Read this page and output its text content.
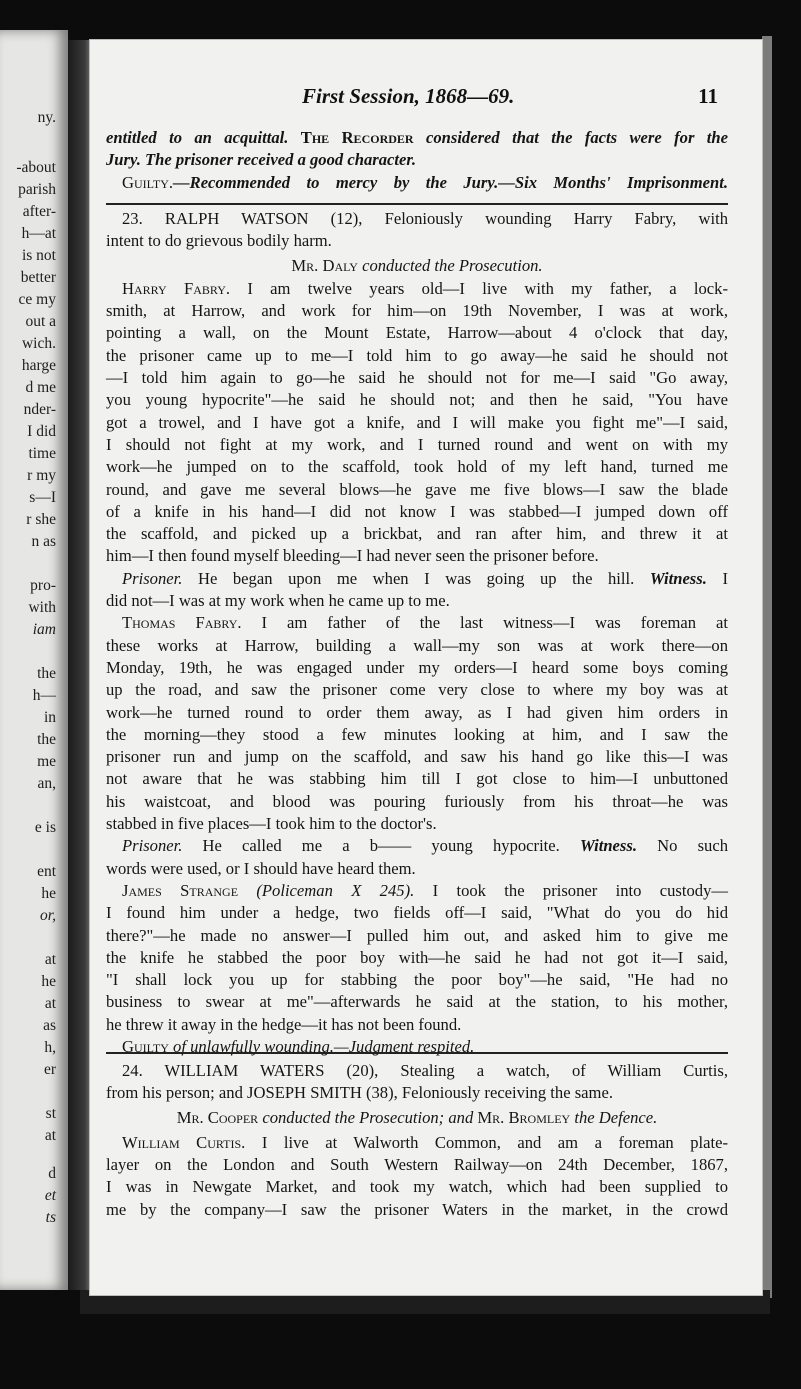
ny.
-about
parish
after-
h—at
is not
better
ce my
out a
wich.
harge
d me
nder-
I did
time
r my
s—I
r she
n as
pro-
with
iam
the
h—
in
the
me
an,
e is
ent
he
or,
at
he
at
as
h,
er
st
at
d
et
ts
First Session, 1868—69.	11
entitled to an acquittal. The Recorder considered that the facts were for the
Jury. The prisoner received a good character.
Guilty.—Recommended to mercy by the Jury.—Six Months' Imprisonment.
23. RALPH WATSON (12), Feloniously wounding Harry Fabry, with
intent to do grievous bodily harm.
Mr. Daly conducted the Prosecution.
Harry Fabry. I am twelve years old—I live with my father, a lock-
smith, at Harrow, and work for him—on 19th November, I was at work,
pointing a wall, on the Mount Estate, Harrow—about 4 o'clock that day,
the prisoner came up to me—I told him to go away—he said he should not
—I told him again to go—he said he should not for me—I said "Go away,
you young hypocrite"—he said he should not; and then he said, "You have
got a trowel, and I have got a knife, and I will make you fight me"—I said,
I should not fight at my work, and I turned round and went on with my
work—he jumped on to the scaffold, took hold of my left hand, turned me
round, and gave me several blows—he gave me five blows—I saw the blade
of a knife in his hand—I did not know I was stabbed—I jumped down off
the scaffold, and picked up a brickbat, and ran after him, and threw it at
him—I then found myself bleeding—I had never seen the prisoner before.
Prisoner. He began upon me when I was going up the hill. Witness. I
did not—I was at my work when he came up to me.
Thomas Fabry. I am father of the last witness—I was foreman at
these works at Harrow, building a wall—my son was at work there—on
Monday, 19th, he was engaged under my orders—I heard some boys coming
up the road, and saw the prisoner come very close to where my boy was at
work—he turned round to order them away, as I had given him orders in
the morning—they stood a few minutes looking at him, and I saw the
prisoner run and jump on the scaffold, and saw his hand go like this—I was
not aware that he was stabbing him till I got close to him—I unbuttoned
his waistcoat, and blood was pouring furiously from his throat—he was
stabbed in five places—I took him to the doctor's.
Prisoner. He called me a b—— young hypocrite. Witness. No such
words were used, or I should have heard them.
James Strange (Policeman X 245). I took the prisoner into custody—
I found him under a hedge, two fields off—I said, "What do you do hid
there?"—he made no answer—I pulled him out, and asked him to give me
the knife he stabbed the poor boy with—he said he had not got it—I said,
"I shall lock you up for stabbing the poor boy"—he said, "He had no
business to swear at me"—afterwards he said at the station, to his mother,
he threw it away in the hedge—it has not been found.
Guilty of unlawfully wounding.—Judgment respited.
24. WILLIAM WATERS (20), Stealing a watch, of William Curtis,
from his person; and JOSEPH SMITH (38), Feloniously receiving the same.
Mr. Cooper conducted the Prosecution; and Mr. Bromley the Defence.
William Curtis. I live at Walworth Common, and am a foreman plate-
layer on the London and South Western Railway—on 24th December, 1867,
I was in Newgate Market, and took my watch, which had been supplied to
me by the company—I saw the prisoner Waters in the market, in the crowd
